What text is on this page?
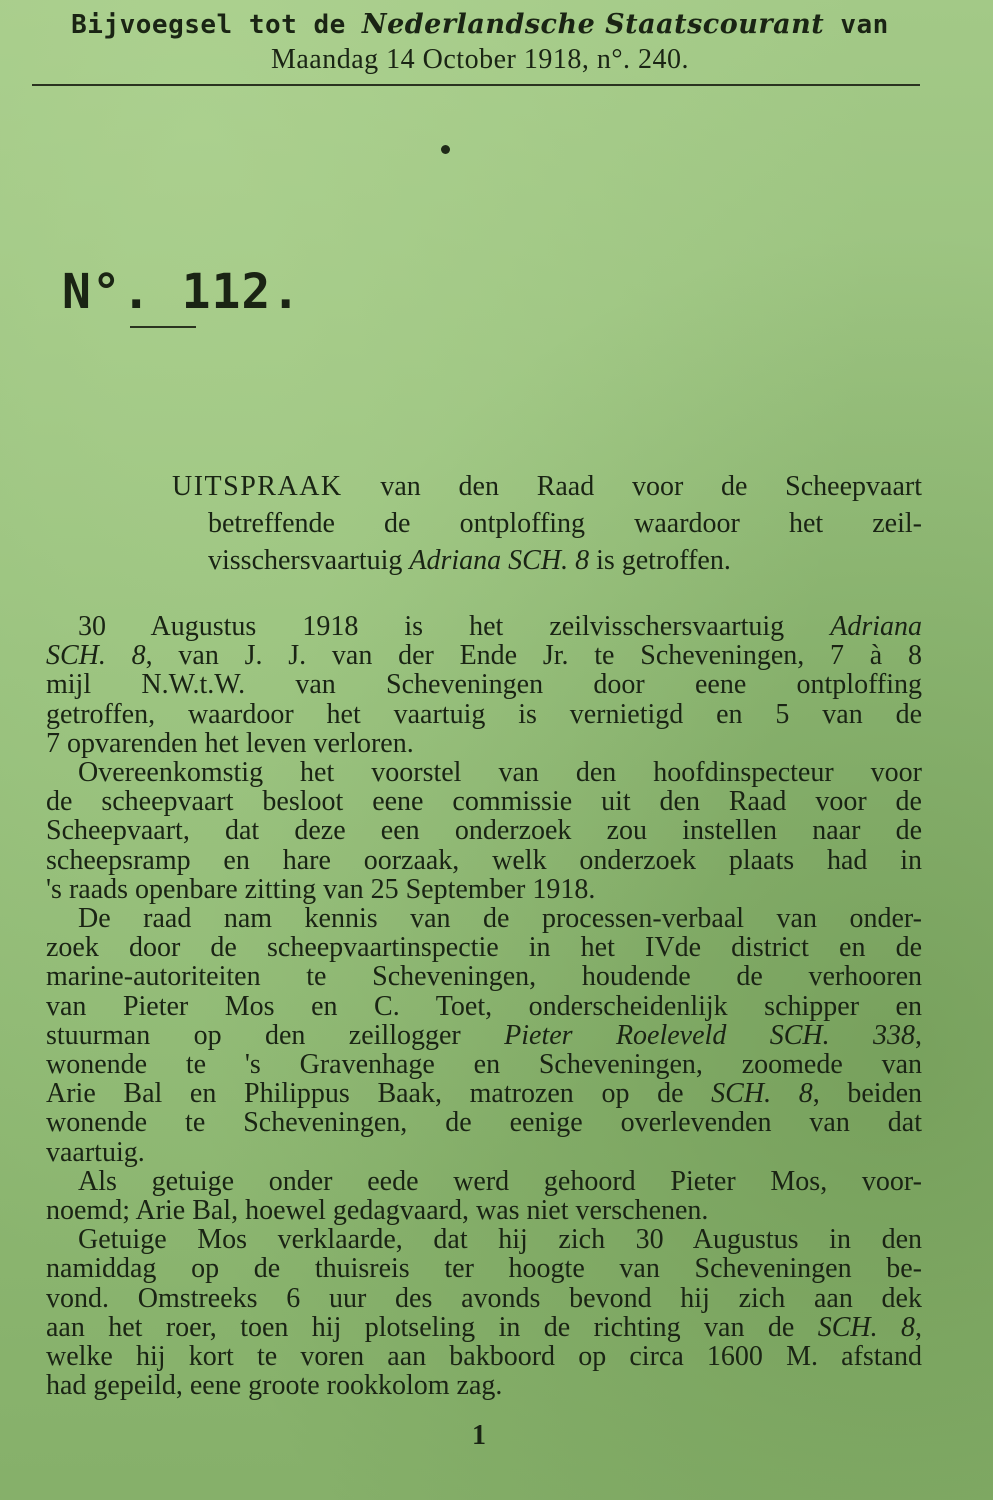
Bijvoegsel tot de Nederlandsche Staatscourant van
Maandag 14 October 1918, n°. 240.
N°. 112.
UITSPRAAK van den Raad voor de Scheepvaart
betreffende de ontploffing waardoor het zeil-
visschersvaartuig Adriana SCH. 8 is getroffen.
30 Augustus 1918 is het zeilvisschersvaartuig Adriana
SCH. 8, van J. J. van der Ende Jr. te Scheveningen, 7 à 8
mijl N.W.t.W. van Scheveningen door eene ontploffing
getroffen, waardoor het vaartuig is vernietigd en 5 van de
7 opvarenden het leven verloren.
Overeenkomstig het voorstel van den hoofdinspecteur voor
de scheepvaart besloot eene commissie uit den Raad voor de
Scheepvaart, dat deze een onderzoek zou instellen naar de
scheepsramp en hare oorzaak, welk onderzoek plaats had in
's raads openbare zitting van 25 September 1918.
De raad nam kennis van de processen-verbaal van onder-
zoek door de scheepvaartinspectie in het IVde district en de
marine-autoriteiten te Scheveningen, houdende de verhooren
van Pieter Mos en C. Toet, onderscheidenlijk schipper en
stuurman op den zeillogger Pieter Roeleveld SCH. 338,
wonende te 's Gravenhage en Scheveningen, zoomede van
Arie Bal en Philippus Baak, matrozen op de SCH. 8, beiden
wonende te Scheveningen, de eenige overlevenden van dat
vaartuig.
Als getuige onder eede werd gehoord Pieter Mos, voor-
noemd; Arie Bal, hoewel gedagvaard, was niet verschenen.
Getuige Mos verklaarde, dat hij zich 30 Augustus in den
namiddag op de thuisreis ter hoogte van Scheveningen be-
vond. Omstreeks 6 uur des avonds bevond hij zich aan dek
aan het roer, toen hij plotseling in de richting van de SCH. 8,
welke hij kort te voren aan bakboord op circa 1600 M. afstand
had gepeild, eene groote rookkolom zag.
1
